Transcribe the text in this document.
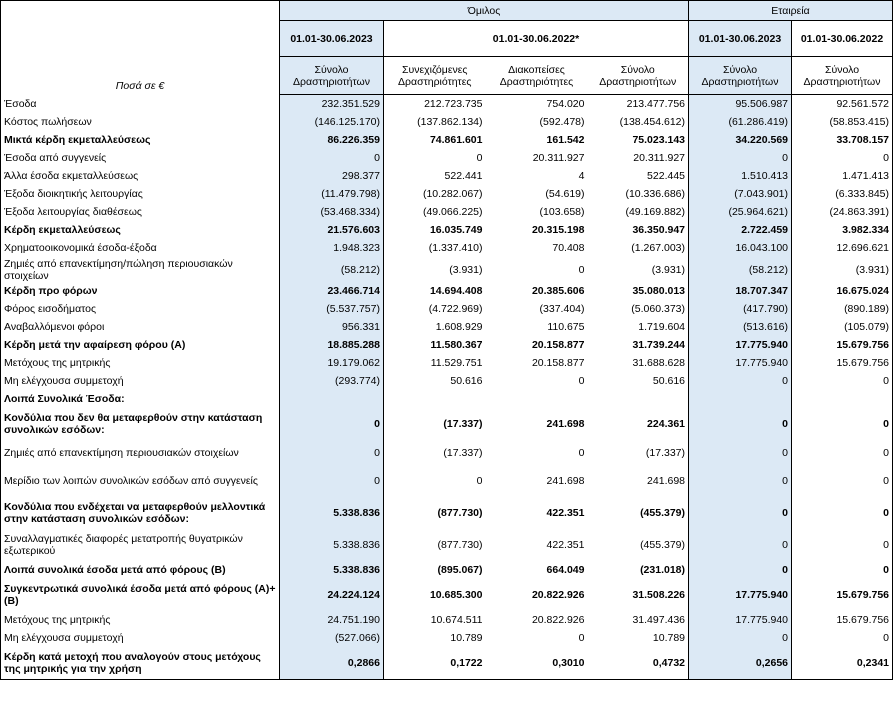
Ποσά σε €	Όμιλος				Εταιρεία	
	01.01-30.06.2023	01.01-30.06.2022*			01.01-30.06.2023	01.01-30.06.2022
	Σύνολο Δραστηριοτήτων	Συνεχιζόμενες Δραστηριότητες	Διακοπείσες Δραστηριότητες	Σύνολο Δραστηριοτήτων	Σύνολο Δραστηριοτήτων	Σύνολο Δραστηριοτήτων
Έσοδα	232.351.529	212.723.735	754.020	213.477.756	95.506.987	92.561.572
Κόστος πωλήσεων	(146.125.170)	(137.862.134)	(592.478)	(138.454.612)	(61.286.419)	(58.853.415)
Μικτά κέρδη εκμεταλλεύσεως	86.226.359	74.861.601	161.542	75.023.143	34.220.569	33.708.157
Έσοδα από συγγενείς	0	0	20.311.927	20.311.927	0	0
Άλλα έσοδα εκμεταλλεύσεως	298.377	522.441	4	522.445	1.510.413	1.471.413
Έξοδα διοικητικής λειτουργίας	(11.479.798)	(10.282.067)	(54.619)	(10.336.686)	(7.043.901)	(6.333.845)
Έξοδα λειτουργίας διαθέσεως	(53.468.334)	(49.066.225)	(103.658)	(49.169.882)	(25.964.621)	(24.863.391)
Κέρδη εκμεταλλεύσεως	21.576.603	16.035.749	20.315.198	36.350.947	2.722.459	3.982.334
Χρηματοοικονομικά έσοδα-έξοδα	1.948.323	(1.337.410)	70.408	(1.267.003)	16.043.100	12.696.621
Ζημιές από επανεκτίμηση/πώληση περιουσιακών στοιχείων	(58.212)	(3.931)	0	(3.931)	(58.212)	(3.931)
Κέρδη προ φόρων	23.466.714	14.694.408	20.385.606	35.080.013	18.707.347	16.675.024
Φόρος εισοδήματος	(5.537.757)	(4.722.969)	(337.404)	(5.060.373)	(417.790)	(890.189)
Αναβαλλόμενοι φόροι	956.331	1.608.929	110.675	1.719.604	(513.616)	(105.079)
Κέρδη μετά την αφαίρεση φόρου (Α)	18.885.288	11.580.367	20.158.877	31.739.244	17.775.940	15.679.756
Μετόχους της μητρικής	19.179.062	11.529.751	20.158.877	31.688.628	17.775.940	15.679.756
Μη ελέγχουσα συμμετοχή	(293.774)	50.616	0	50.616	0	0
Λοιπά Συνολικά Έσοδα:						
Κονδύλια που δεν θα μεταφερθούν στην κατάσταση συνολικών εσόδων:	0	(17.337)	241.698	224.361	0	0
Ζημιές από επανεκτίμηση περιουσιακών στοιχείων	0	(17.337)	0	(17.337)	0	0
Μερίδιο των λοιπών συνολικών εσόδων από συγγενείς	0	0	241.698	241.698	0	0
Κονδύλια που ενδέχεται να μεταφερθούν μελλοντικά στην κατάσταση συνολικών εσόδων:	5.338.836	(877.730)	422.351	(455.379)	0	0
Συναλλαγματικές διαφορές μετατροπής θυγατρικών εξωτερικού	5.338.836	(877.730)	422.351	(455.379)	0	0
Λοιπά συνολικά έσοδα μετά από φόρους (Β)	5.338.836	(895.067)	664.049	(231.018)	0	0
Συγκεντρωτικά συνολικά έσοδα μετά από φόρους (Α)+(Β)	24.224.124	10.685.300	20.822.926	31.508.226	17.775.940	15.679.756
Μετόχους της μητρικής	24.751.190	10.674.511	20.822.926	31.497.436	17.775.940	15.679.756
Μη ελέγχουσα συμμετοχή	(527.066)	10.789	0	10.789	0	0
Κέρδη κατά μετοχή που αναλογούν στους μετόχους της μητρικής για την χρήση	0,2866	0,1722	0,3010	0,4732	0,2656	0,2341
